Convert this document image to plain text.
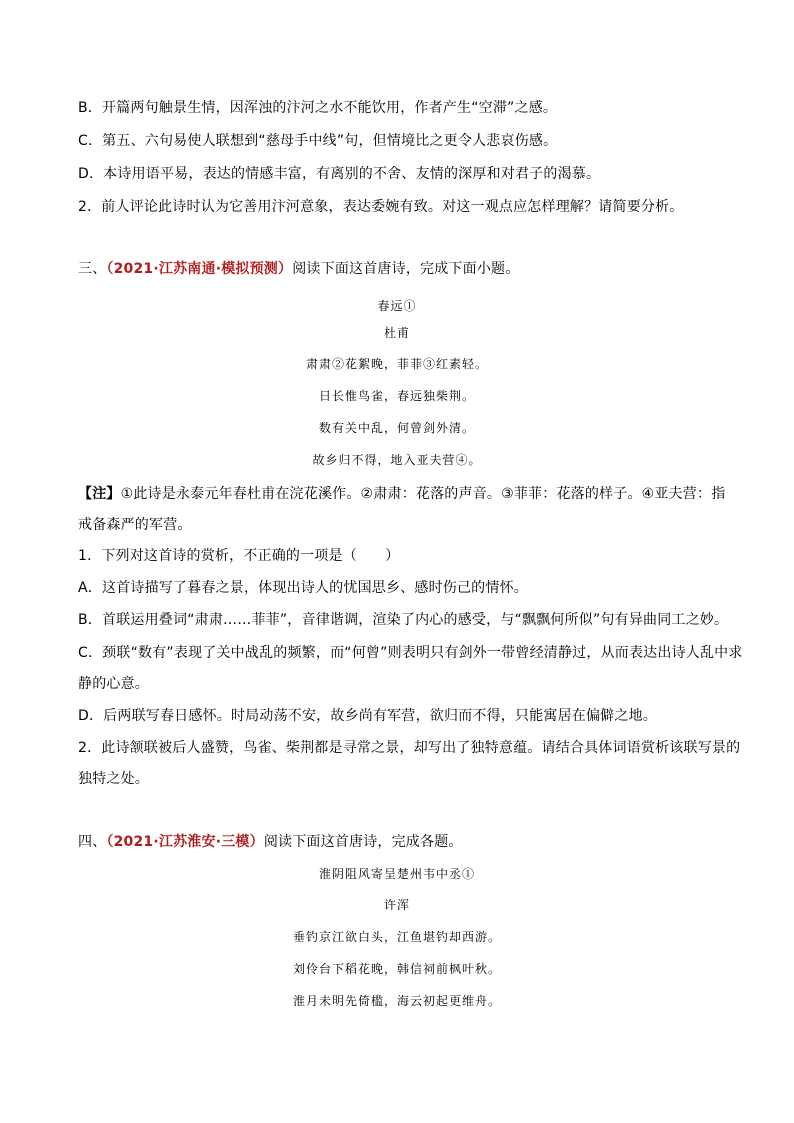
B．开篇两句触景生情，因浑浊的汴河之水不能饮用，作者产生“空滞”之感。
C．第五、六句易使人联想到“慈母手中线”句，但情境比之更令人悲哀伤感。
D．本诗用语平易，表达的情感丰富，有离别的不舍、友情的深厚和对君子的渴慕。
2．前人评论此诗时认为它善用汴河意象，表达委婉有致。对这一观点应怎样理解？请简要分析。
三、（2021·江苏南通·模拟预测）阅读下面这首唐诗，完成下面小题。
春远①
杜甫
肃肃②花絮晚，菲菲③红素轻。
日长惟鸟雀，春远独柴荆。
数有关中乱，何曾剑外清。
故乡归不得，地入亚夫营④。
【注】①此诗是永泰元年春杜甫在浣花溪作。②肃肃：花落的声音。③菲菲：花落的样子。④亚夫营：指
戒备森严的军营。
1．下列对这首诗的赏析，不正确的一项是（　　）
A．这首诗描写了暮春之景，体现出诗人的忧国思乡、感时伤己的情怀。
B．首联运用叠词“肃肃……菲菲”，音律谐调，渲染了内心的感受，与“飘飘何所似”句有异曲同工之妙。
C．颈联“数有”表现了关中战乱的频繁，而“何曾”则表明只有剑外一带曾经清静过，从而表达出诗人乱中求
静的心意。
D．后两联写春日感怀。时局动荡不安，故乡尚有军营，欲归而不得，只能寓居在偏僻之地。
2．此诗颔联被后人盛赞，鸟雀、柴荆都是寻常之景，却写出了独特意蕴。请结合具体词语赏析该联写景的
独特之处。
四、（2021·江苏淮安·三模）阅读下面这首唐诗，完成各题。
淮阴阻风寄呈楚州韦中丞①
许浑
垂钓京江欲白头，江鱼堪钓却西游。
刘伶台下稻花晚，韩信祠前枫叶秋。
淮月未明先倚槛，海云初起更维舟。
